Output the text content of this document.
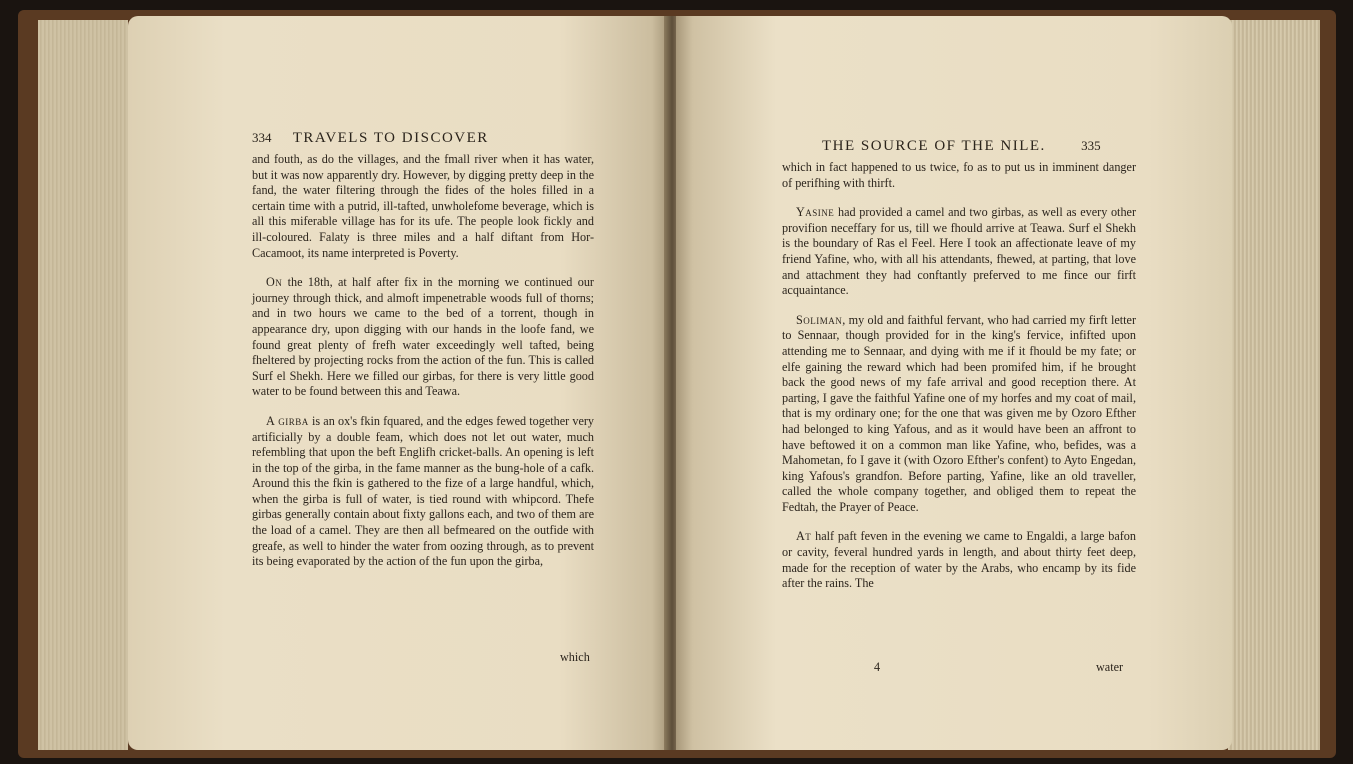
334 TRAVELS TO DISCOVER

and fouth, as do the villages, and the fmall river when it has water, but it was now apparently dry. However, by digging pretty deep in the fand, the water filtering through the fides of the holes filled in a certain time with a putrid, ill-tafted, unwholefome beverage, which is all this miferable village has for its ufe. The people look fickly and ill-coloured. Falaty is three miles and a half diftant from Hor-Cacamoot, its name interpreted is Poverty.

On the 18th, at half after fix in the morning we continued our journey through thick, and almoft impenetrable woods full of thorns; and in two hours we came to the bed of a torrent, though in appearance dry, upon digging with our hands in the loofe fand, we found great plenty of frefh water exceedingly well tafted, being fheltered by projecting rocks from the action of the fun. This is called Surf el Shekh. Here we filled our girbas, for there is very little good water to be found between this and Teawa.

A girba is an ox's fkin fquared, and the edges fewed together very artificially by a double feam, which does not let out water, much refembling that upon the beft Englifh cricket-balls. An opening is left in the top of the girba, in the fame manner as the bung-hole of a cafk. Around this the fkin is gathered to the fize of a large handful, which, when the girba is full of water, is tied round with whipcord. Thefe girbas generally contain about fixty gallons each, and two of them are the load of a camel. They are then all befmeared on the outfide with greafe, as well to hinder the water from oozing through, as to prevent its being evaporated by the action of the fun upon the girba,

which
THE SOURCE OF THE NILE.	335

which in fact happened to us twice, fo as to put us in imminent danger of perifhing with thirft.

Yasine had provided a camel and two girbas, as well as every other provifion neceffary for us, till we fhould arrive at Teawa. Surf el Shekh is the boundary of Ras el Feel. Here I took an affectionate leave of my friend Yafine, who, with all his attendants, fhewed, at parting, that love and attachment they had conftantly preferved to me fince our firft acquaintance.

Soliman, my old and faithful fervant, who had carried my firft letter to Sennaar, though provided for in the king's fervice, infifted upon attending me to Sennaar, and dying with me if it fhould be my fate; or elfe gaining the reward which had been promifed him, if he brought back the good news of my fafe arrival and good reception there. At parting, I gave the faithful Yafine one of my horfes and my coat of mail, that is my ordinary one; for the one that was given me by Ozoro Efther had belonged to king Yafous, and as it would have been an affront to have beftowed it on a common man like Yafine, who, befides, was a Mahometan, fo I gave it (with Ozoro Efther's confent) to Ayto Engedan, king Yafous's grandfon. Before parting, Yafine, like an old traveller, called the whole company together, and obliged them to repeat the Fedtah, the Prayer of Peace.

At half paft feven in the evening we came to Engaldi, a large bafon or cavity, feveral hundred yards in length, and about thirty feet deep, made for the reception of water by the Arabs, who encamp by its fide after the rains. The

4	water
